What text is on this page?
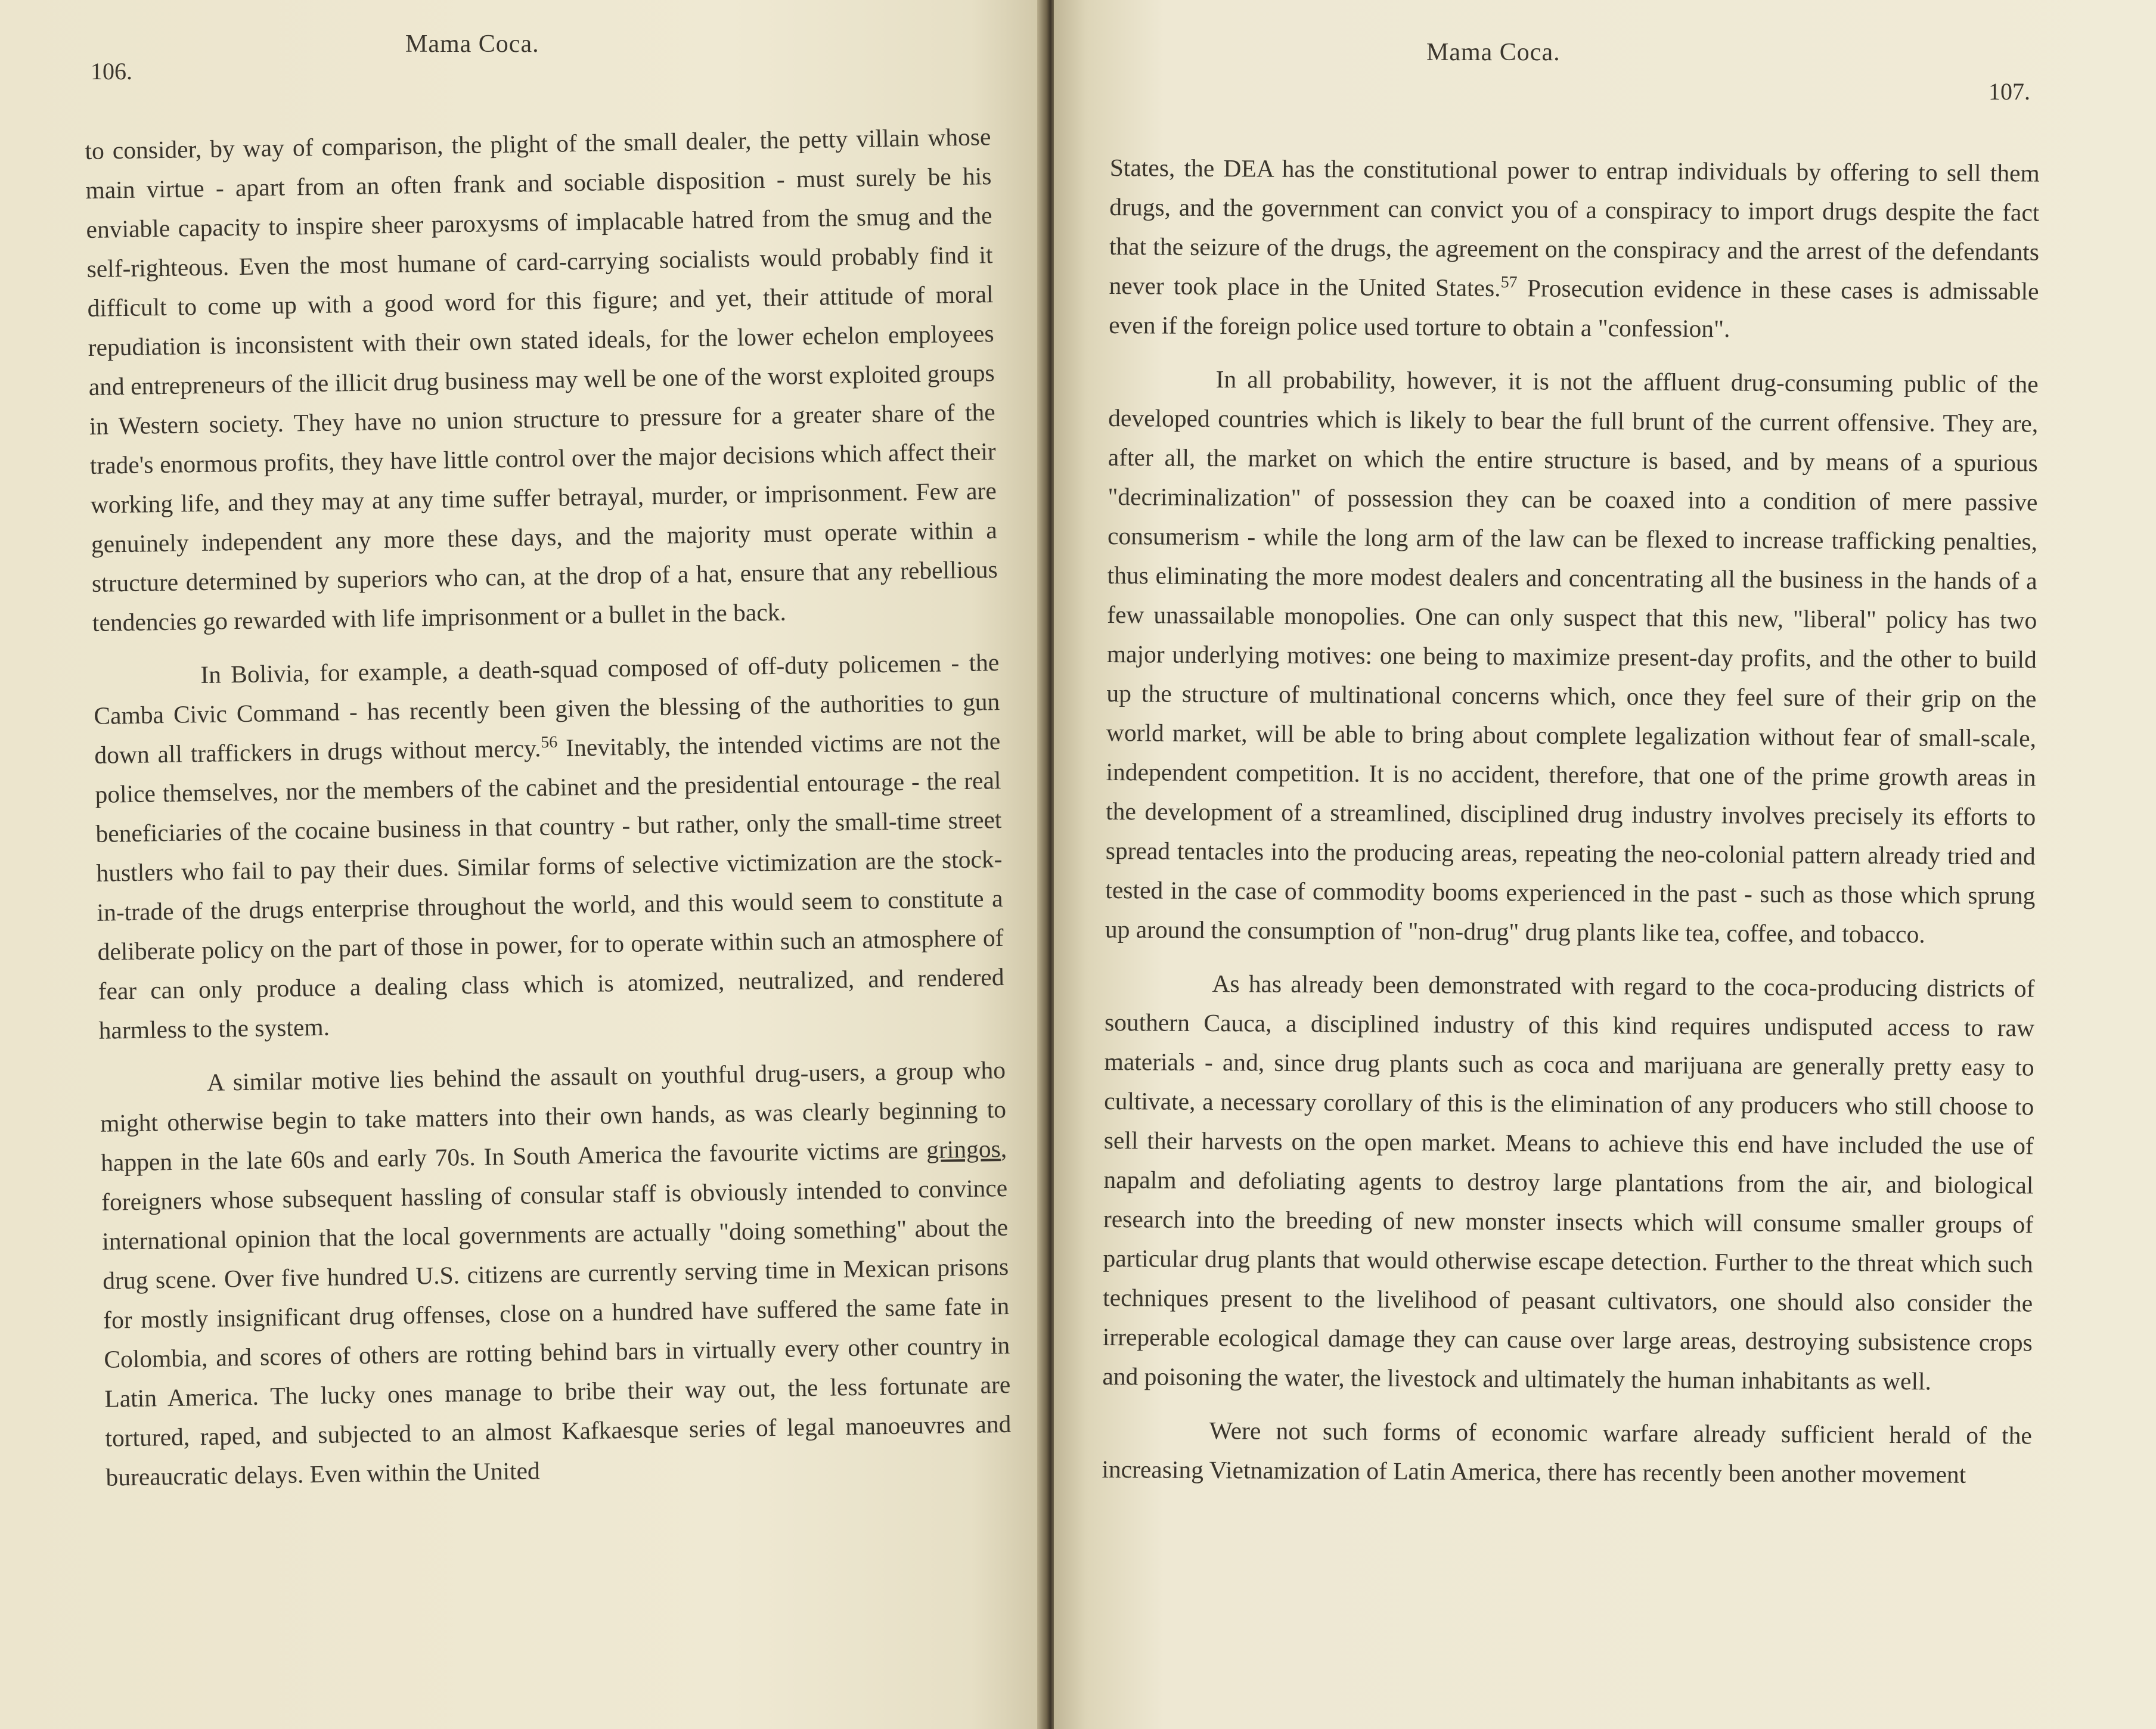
Mama Coca.
106.

to consider, by way of comparison, the plight of the small dealer, the petty villain whose main virtue - apart from an often frank and sociable disposition - must surely be his enviable capacity to inspire sheer paroxysms of implacable hatred from the smug and the self-righteous. Even the most humane of card-carrying socialists would probably find it difficult to come up with a good word for this figure; and yet, their attitude of moral repudiation is inconsistent with their own stated ideals, for the lower echelon employees and entrepreneurs of the illicit drug business may well be one of the worst exploited groups in Western society. They have no union structure to pressure for a greater share of the trade's enormous profits, they have little control over the major decisions which affect their working life, and they may at any time suffer betrayal, murder, or imprisonment. Few are genuinely independent any more these days, and the majority must operate within a structure determined by superiors who can, at the drop of a hat, ensure that any rebellious tendencies go rewarded with life imprisonment or a bullet in the back.

In Bolivia, for example, a death-squad composed of off-duty policemen - the Camba Civic Command - has recently been given the blessing of the authorities to gun down all traffickers in drugs without mercy.$^{56}$ Inevitably, the intended victims are not the police themselves, nor the members of the cabinet and the presidential entourage - the real beneficiaries of the cocaine business in that country - but rather, only the small-time street hustlers who fail to pay their dues. Similar forms of selective victimization are the stock-in-trade of the drugs enterprise throughout the world, and this would seem to constitute a deliberate policy on the part of those in power, for to operate within such an atmosphere of fear can only produce a dealing class which is atomized, neutralized, and rendered harmless to the system.

A similar motive lies behind the assault on youthful drug-users, a group who might otherwise begin to take matters into their own hands, as was clearly beginning to happen in the late 60s and early 70s. In South America the favourite victims are gringos, foreigners whose subsequent hassling of consular staff is obviously intended to convince international opinion that the local governments are actually "doing something" about the drug scene. Over five hundred U.S. citizens are currently serving time in Mexican prisons for mostly insignificant drug offenses, close on a hundred have suffered the same fate in Colombia, and scores of others are rotting behind bars in virtually every other country in Latin America. The lucky ones manage to bribe their way out, the less fortunate are tortured, raped, and subjected to an almost Kafkaesque series of legal manoeuvres and bureaucratic delays. Even within the United

Mama Coca.
107.

States, the DEA has the constitutional power to entrap individuals by offering to sell them drugs, and the government can convict you of a conspiracy to import drugs despite the fact that the seizure of the drugs, the agreement on the conspiracy and the arrest of the defendants never took place in the United States.$^{57}$ Prosecution evidence in these cases is admissable even if the foreign police used torture to obtain a "confession".

In all probability, however, it is not the affluent drug-consuming public of the developed countries which is likely to bear the full brunt of the current offensive. They are, after all, the market on which the entire structure is based, and by means of a spurious "decriminalization" of possession they can be coaxed into a condition of mere passive consumerism - while the long arm of the law can be flexed to increase trafficking penalties, thus eliminating the more modest dealers and concentrating all the business in the hands of a few unassailable monopolies. One can only suspect that this new, "liberal" policy has two major underlying motives: one being to maximize present-day profits, and the other to build up the structure of multinational concerns which, once they feel sure of their grip on the world market, will be able to bring about complete legalization without fear of small-scale, independent competition. It is no accident, therefore, that one of the prime growth areas in the development of a streamlined, disciplined drug industry involves precisely its efforts to spread tentacles into the producing areas, repeating the neo-colonial pattern already tried and tested in the case of commodity booms experienced in the past - such as those which sprung up around the consumption of "non-drug" drug plants like tea, coffee, and tobacco.

As has already been demonstrated with regard to the coca-producing districts of southern Cauca, a disciplined industry of this kind requires undisputed access to raw materials - and, since drug plants such as coca and marijuana are generally pretty easy to cultivate, a necessary corollary of this is the elimination of any producers who still choose to sell their harvests on the open market. Means to achieve this end have included the use of napalm and defoliating agents to destroy large plantations from the air, and biological research into the breeding of new monster insects which will consume smaller groups of particular drug plants that would otherwise escape detection. Further to the threat which such techniques present to the livelihood of peasant cultivators, one should also consider the irreperable ecological damage they can cause over large areas, destroying subsistence crops and poisoning the water, the livestock and ultimately the human inhabitants as well.

Were not such forms of economic warfare already sufficient herald of the increasing Vietnamization of Latin America, there has recently been another movement
